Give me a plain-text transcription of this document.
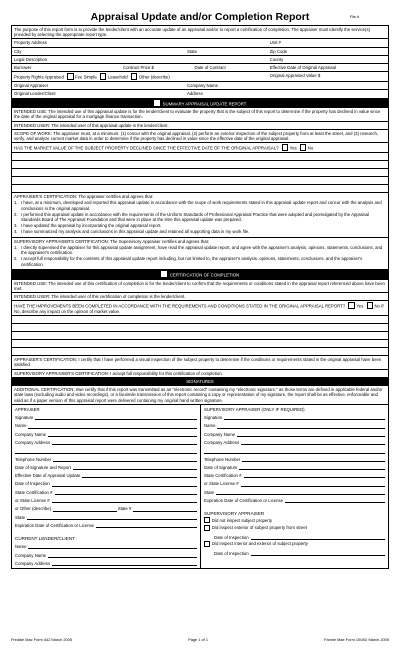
Appraisal Update and/or Completion Report	File #
The purpose of this report form is to provide the lender/client with an accurate update of an appraisal and/or to report a certification of completion. The appraiser must identify the service(s) provided by selecting the appropriate report type.
Property Address	Unit #
City	State	Zip Code
Legal Description	County
Borrower	Contract Price $	Date of Contract	Effective Date of Original Appraisal
Property Rights Appraised	Fee Simple	Leasehold	Other (describe)	Original Appraised Value $
Original Appraiser	Company Name
Original Lender/Client	Address
SUMMARY APPRAISAL UPDATE REPORT
INTENDED USE: The intended use of this appraisal update is for the lender/client to evaluate the property that is the subject of this report to determine if the property has declined in value since the date of the original appraisal for a mortgage finance transaction.
INTENDED USER: The intended user of this appraisal update is the lender/client.
SCOPE OF WORK: The appraiser must, at a minimum: (1) concur with the original appraisal, (2) perform an exterior inspection of the subject property from at least the street, and (3) research, verify, and analyze current market data in order to determine if the property has declined in value since the effective date of the original appraisal.
HAS THE MARKET VALUE OF THE SUBJECT PROPERTY DECLINED SINCE THE EFFECTIVE DATE OF THE ORIGINAL APPRAISAL?	Yes	No
APPRAISER'S CERTIFICATION: The appraiser certifies and agrees that:
1. I have, at a minimum, developed and reported this appraisal update in accordance with the scope of work requirements stated in this appraisal update report and concur with the analysis and conclusions in the original appraisal.
2. I performed this appraisal update in accordance with the requirements of the Uniform Standards of Professional Appraisal Practice that were adopted and promulgated by the Appraisal Standards Board of The Appraisal Foundation and that were in place at the time this appraisal update was prepared.
3. I have updated the appraisal by incorporating the original appraisal report.
4. I have summarized my analysis and conclusions in this appraisal update and retained all supporting data in my work file.
SUPERVISORY APPRAISER'S CERTIFICATION: The Supervisory Appraiser certifies and agrees that:
1. I directly supervised the appraiser for this appraisal update assignment, have read the appraisal update report, and agree with the appraiser's analysis, opinions, statements, conclusions, and the appraiser's certification.
2. I accept full responsibility for the contents of this appraisal update report including, but not limited to, the appraiser's analysis, opinions, statements, conclusions, and the appraiser's certification.
CERTIFICATION OF COMPLETION
INTENDED USE: The intended use of this certification of completion is for the lender/client to confirm that the requirements or conditions stated in the appraisal report referenced above have been met.
INTENDED USER: The intended user of this certification of completion is the lender/client.
HAVE THE IMPROVEMENTS BEEN COMPLETED IN ACCORDANCE WITH THE REQUIREMENTS AND CONDITIONS STATED IN THE ORIGINAL APPRAISAL REPORT?	Yes	No If No, describe any impact on the opinion of market value.
APPRAISER'S CERTIFICATION: I certify that I have performed a visual inspection of the subject property to determine if the conditions or requirements stated in the original appraisal have been satisfied.
SUPERVISORY APPRAISER'S CERTIFICATION: I accept full responsibility for this certification of completion.
SIGNATURES
ADDITIONAL CERTIFICATION: I/we certify that if this report was transmitted as an "electronic record" containing my "electronic signature," as those terms are defined in applicable federal and/or state laws (excluding audio and video recordings), or a facsimile transmission of this report containing a copy or representation of my signature, the report shall be as effective, enforceable and valid as if a paper version of this appraisal report were delivered containing my original hand written signature.
APPRAISER
Signature
Name
Company Name
Company Address
Telephone Number
Date of Signature and Report
Effective Date of Appraisal Update
Date of Inspection
State Certification #
or State License #
or Other (describe)	State #
State
Expiration Date of Certification or License
CURRENT LENDER/CLIENT
Name
Company Name
Company Address
SUPERVISORY APPRAISER (ONLY IF REQUIRED)
Signature
Name
Company Name
Company Address
Telephone Number
Date of Signature
State Certification #
or State License #
State
Expiration Date of Certification or License
SUPERVISORY APPRAISER
Did not inspect subject property
Did inspect exterior of subject property from street
Date of Inspection
Did inspect interior and exterior of subject property
Date of Inspection
Freddie Mac Form 442 March 2005	Page 1 of 1	Fannie Mae Form 1004D March 2005
